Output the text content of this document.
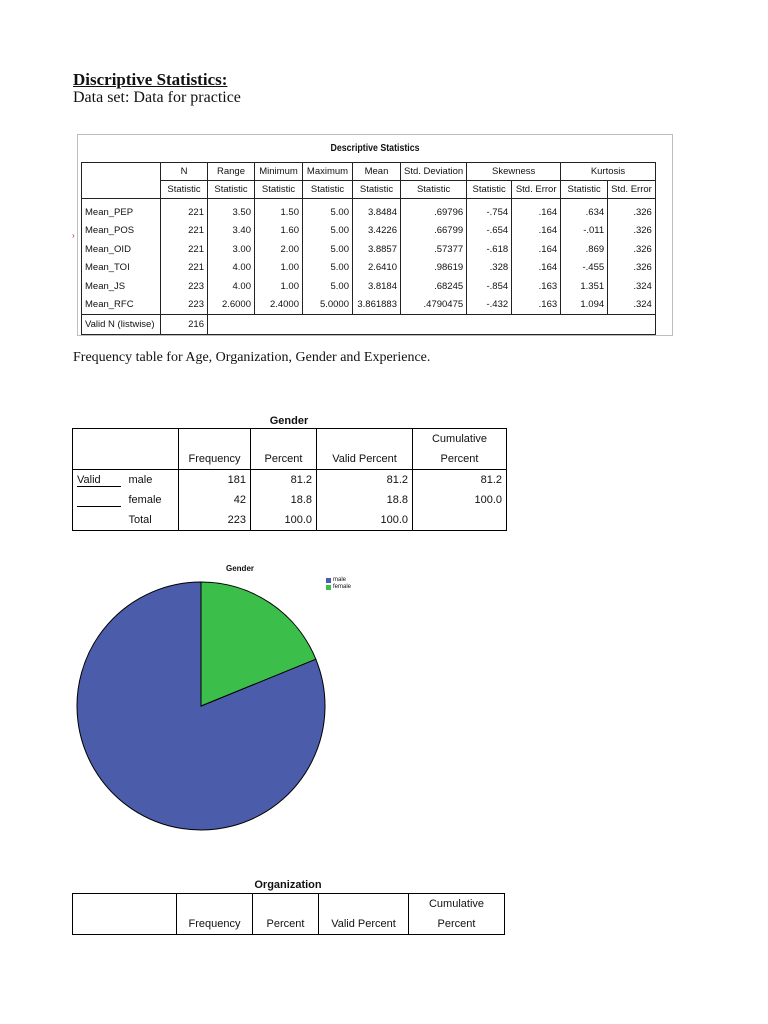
Discriptive Statistics:

Data set: Data for practice

›
Descriptive Statistics
	N	Range	Minimum	Maximum	Mean	Std. Deviation	Skewness		Kurtosis	
	Statistic	Statistic	Statistic	Statistic	Statistic	Statistic	Statistic	Std. Error	Statistic	Std. Error
Mean_PEP	221	3.50	1.50	5.00	3.8484	.69796	-.754	.164	.634	.326
Mean_POS	221	3.40	1.60	5.00	3.4226	.66799	-.654	.164	-.011	.326
Mean_OID	221	3.00	2.00	5.00	3.8857	.57377	-.618	.164	.869	.326
Mean_TOI	221	4.00	1.00	5.00	2.6410	.98619	.328	.164	-.455	.326
Mean_JS	223	4.00	1.00	5.00	3.8184	.68245	-.854	.163	1.351	.324
Mean_RFC	223	2.6000	2.4000	5.0000	3.861883	.4790475	-.432	.163	1.094	.324
Valid N (listwise)	216									

Frequency table for Age, Organization, Gender and Experience.

Gender
		Frequency	Percent	Valid Percent	Cumulative Percent
Valid	male	181	81.2	81.2	81.2
	female	42	18.8	18.8	100.0
	Total	223	100.0	100.0	
Gender
male
female
Organization
	Frequency	Percent	Valid Percent	Cumulative Percent
